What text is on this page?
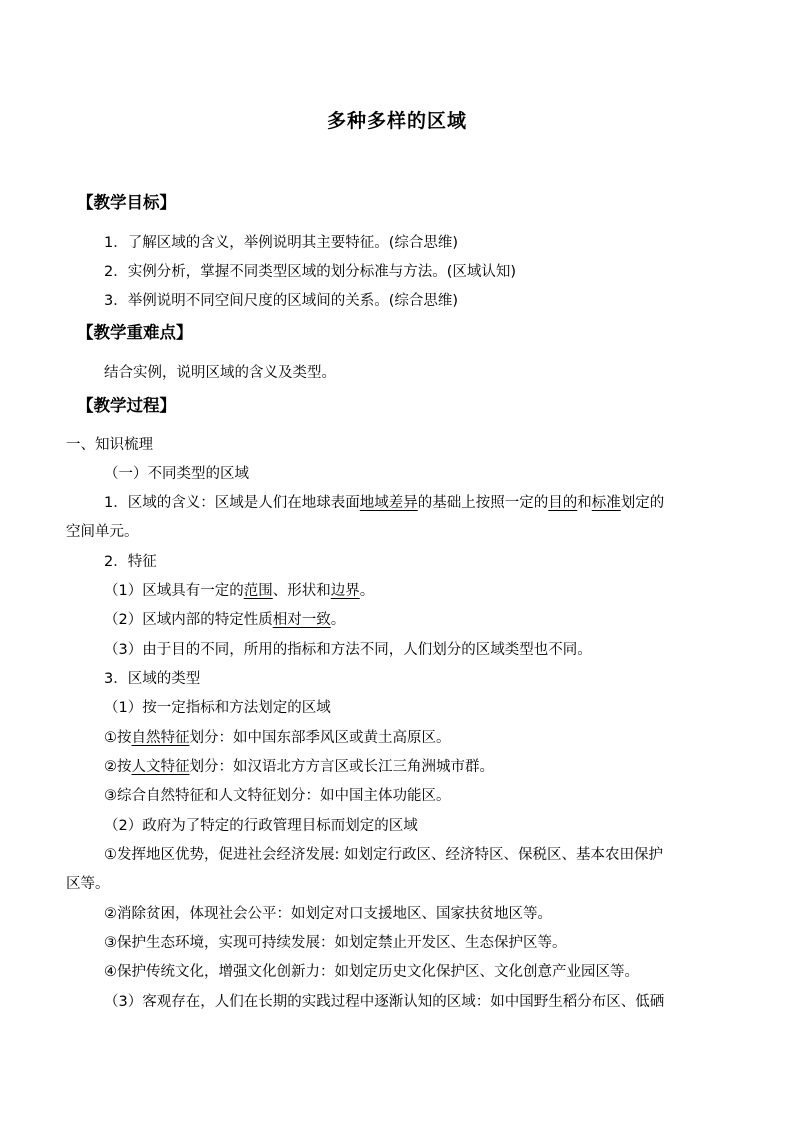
多种多样的区域
【教学目标】
1．了解区域的含义，举例说明其主要特征。(综合思维)
2．实例分析，掌握不同类型区域的划分标准与方法。(区域认知)
3．举例说明不同空间尺度的区域间的关系。(综合思维)
【教学重难点】
结合实例，说明区域的含义及类型。
【教学过程】
一、知识梳理
（一）不同类型的区域
1．区域的含义：区域是人们在地球表面地域差异的基础上按照一定的目的和标准划定的
空间单元。
2．特征
（1）区域具有一定的范围、形状和边界。
（2）区域内部的特定性质相对一致。
（3）由于目的不同，所用的指标和方法不同，人们划分的区域类型也不同。
3．区域的类型
（1）按一定指标和方法划定的区域
①按自然特征划分：如中国东部季风区或黄土高原区。
②按人文特征划分：如汉语北方方言区或长江三角洲城市群。
③综合自然特征和人文特征划分：如中国主体功能区。
（2）政府为了特定的行政管理目标而划定的区域
①发挥地区优势，促进社会经济发展: 如划定行政区、经济特区、保税区、基本农田保护
区等。
②消除贫困，体现社会公平：如划定对口支援地区、国家扶贫地区等。
③保护生态环境，实现可持续发展：如划定禁止开发区、生态保护区等。
④保护传统文化，增强文化创新力：如划定历史文化保护区、文化创意产业园区等。
（3）客观存在，人们在长期的实践过程中逐渐认知的区域：如中国野生稻分布区、低硒
